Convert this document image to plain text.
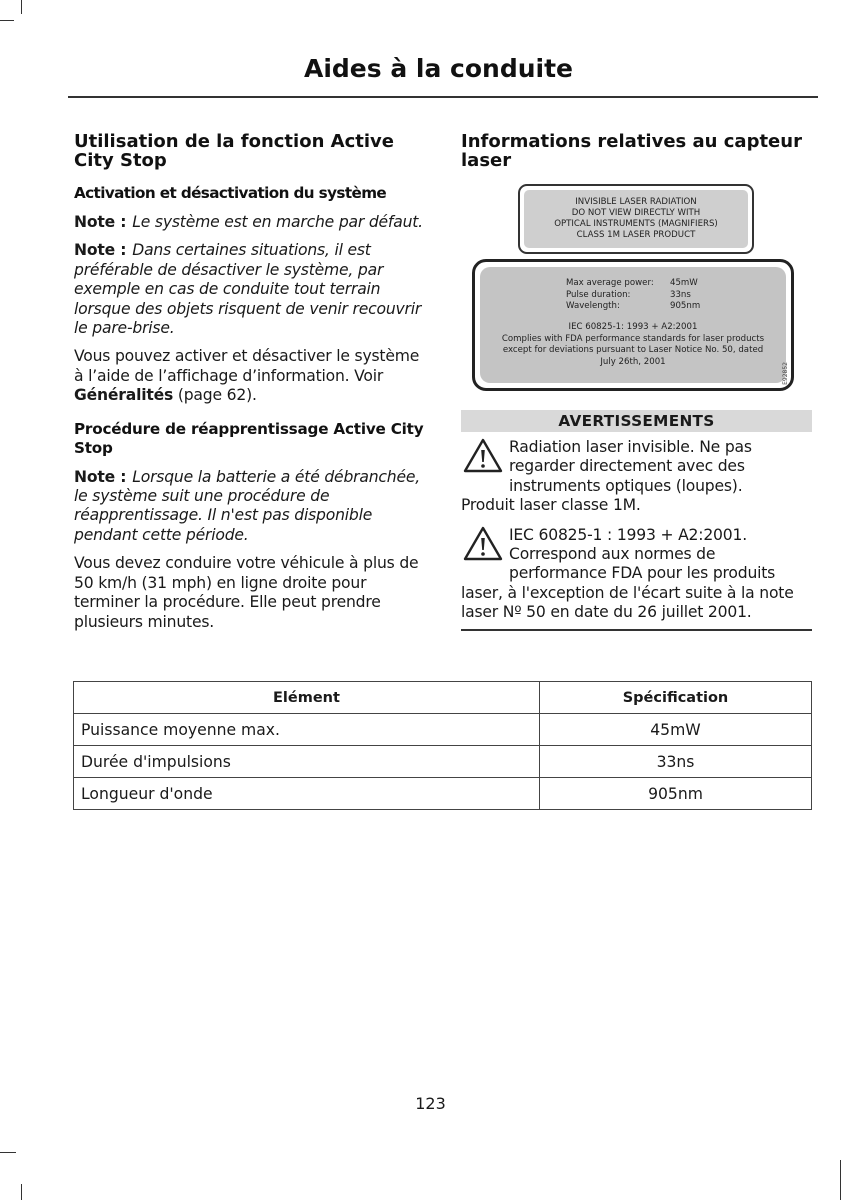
Aides à la conduite
Utilisation de la fonction Active City Stop
Activation et désactivation du système

Note : Le système est en marche par défaut.

Note : Dans certaines situations, il est préférable de désactiver le système, par exemple en cas de conduite tout terrain lorsque des objets risquent de venir recouvrir le pare-brise.

Vous pouvez activer et désactiver le système à l’aide de l’affichage d’information. Voir Généralités (page 62).

Procédure de réapprentissage Active City Stop

Note : Lorsque la batterie a été débranchée, le système suit une procédure de réapprentissage. Il n'est pas disponible pendant cette période.

Vous devez conduire votre véhicule à plus de 50 km/h (31 mph) en ligne droite pour terminer la procédure. Elle peut prendre plusieurs minutes.

Informations relatives au capteur laser
INVISIBLE LASER RADIATION
DO NOT VIEW DIRECTLY WITH
OPTICAL INSTRUMENTS (MAGNIFIERS)
CLASS 1M LASER PRODUCT
Max average power:	45mW
Pulse duration:	33ns
Wavelength:	905nm
IEC 60825-1: 1993 + A2:2001
Complies with FDA performance standards for laser products
except for deviations pursuant to Laser Notice No. 50, dated
July 26th, 2001
E92852
AVERTISSEMENTS

Radiation laser invisible. Ne pas regarder directement avec des instruments optiques (loupes).

Produit laser classe 1M.

IEC 60825-1 : 1993 + A2:2001. Correspond aux normes de performance FDA pour les produits

laser, à l'exception de l'écart suite à la note laser Nº 50 en date du 26 juillet 2001.

Elément	Spécification
Puissance moyenne max.	45mW
Durée d'impulsions	33ns
Longueur d'onde	905nm
123
